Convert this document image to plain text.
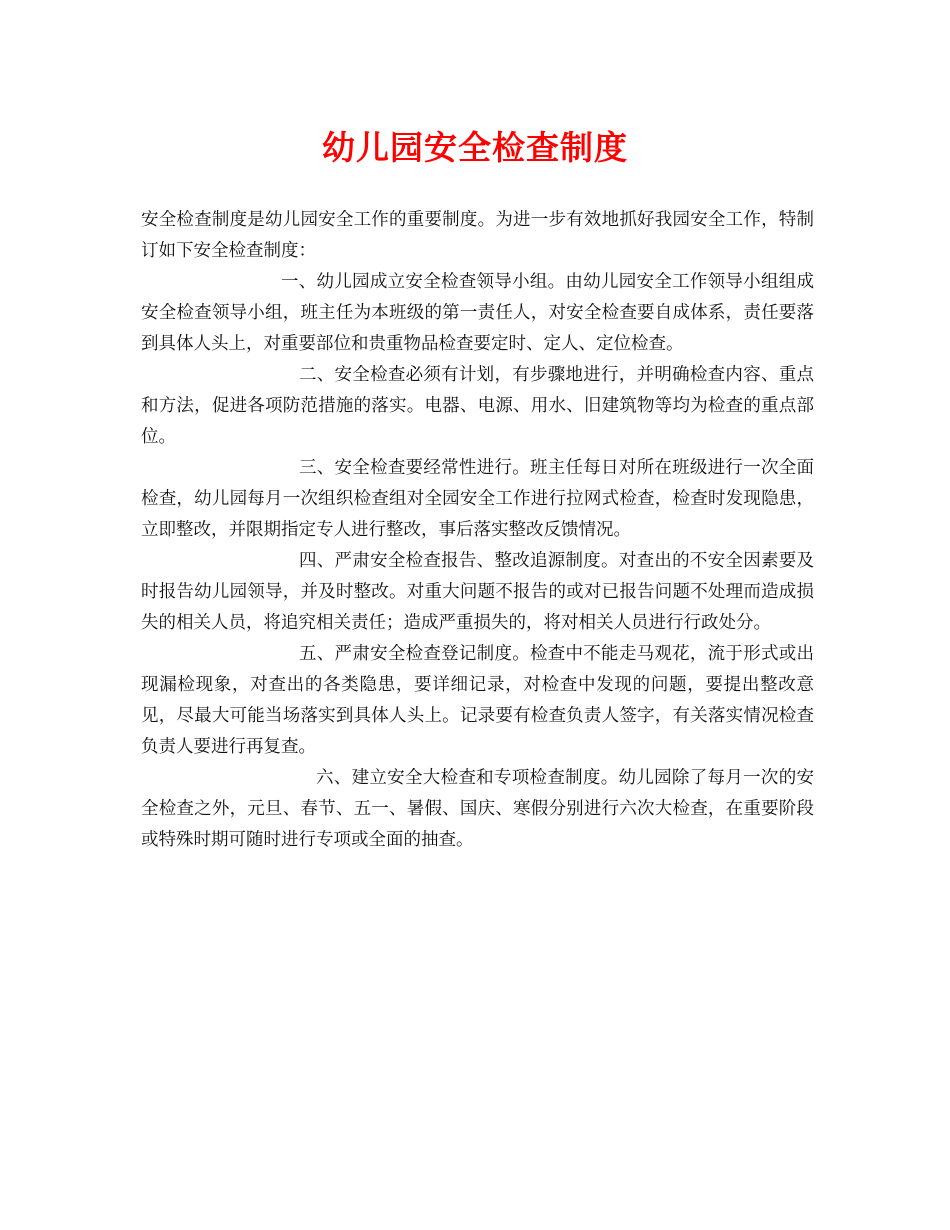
幼儿园安全检查制度

安全检查制度是幼儿园安全工作的重要制度。为进一步有效地抓好我园安全工作，特制订如下安全检查制度：

一、幼儿园成立安全检查领导小组。由幼儿园安全工作领导小组组成安全检查领导小组，班主任为本班级的第一责任人，对安全检查要自成体系，责任要落到具体人头上，对重要部位和贵重物品检查要定时、定人、定位检查。

二、安全检查必须有计划，有步骤地进行，并明确检查内容、重点和方法，促进各项防范措施的落实。电器、电源、用水、旧建筑物等均为检查的重点部位。

三、安全检查要经常性进行。班主任每日对所在班级进行一次全面检查，幼儿园每月一次组织检查组对全园安全工作进行拉网式检查，检查时发现隐患，立即整改，并限期指定专人进行整改，事后落实整改反馈情况。

四、严肃安全检查报告、整改追源制度。对查出的不安全因素要及时报告幼儿园领导，并及时整改。对重大问题不报告的或对已报告问题不处理而造成损失的相关人员，将追究相关责任；造成严重损失的，将对相关人员进行行政处分。

五、严肃安全检查登记制度。检查中不能走马观花，流于形式或出现漏检现象，对查出的各类隐患，要详细记录，对检查中发现的问题，要提出整改意见，尽最大可能当场落实到具体人头上。记录要有检查负责人签字，有关落实情况检查负责人要进行再复查。

六、建立安全大检查和专项检查制度。幼儿园除了每月一次的安全检查之外，元旦、春节、五一、暑假、国庆、寒假分别进行六次大检查，在重要阶段或特殊时期可随时进行专项或全面的抽查。
